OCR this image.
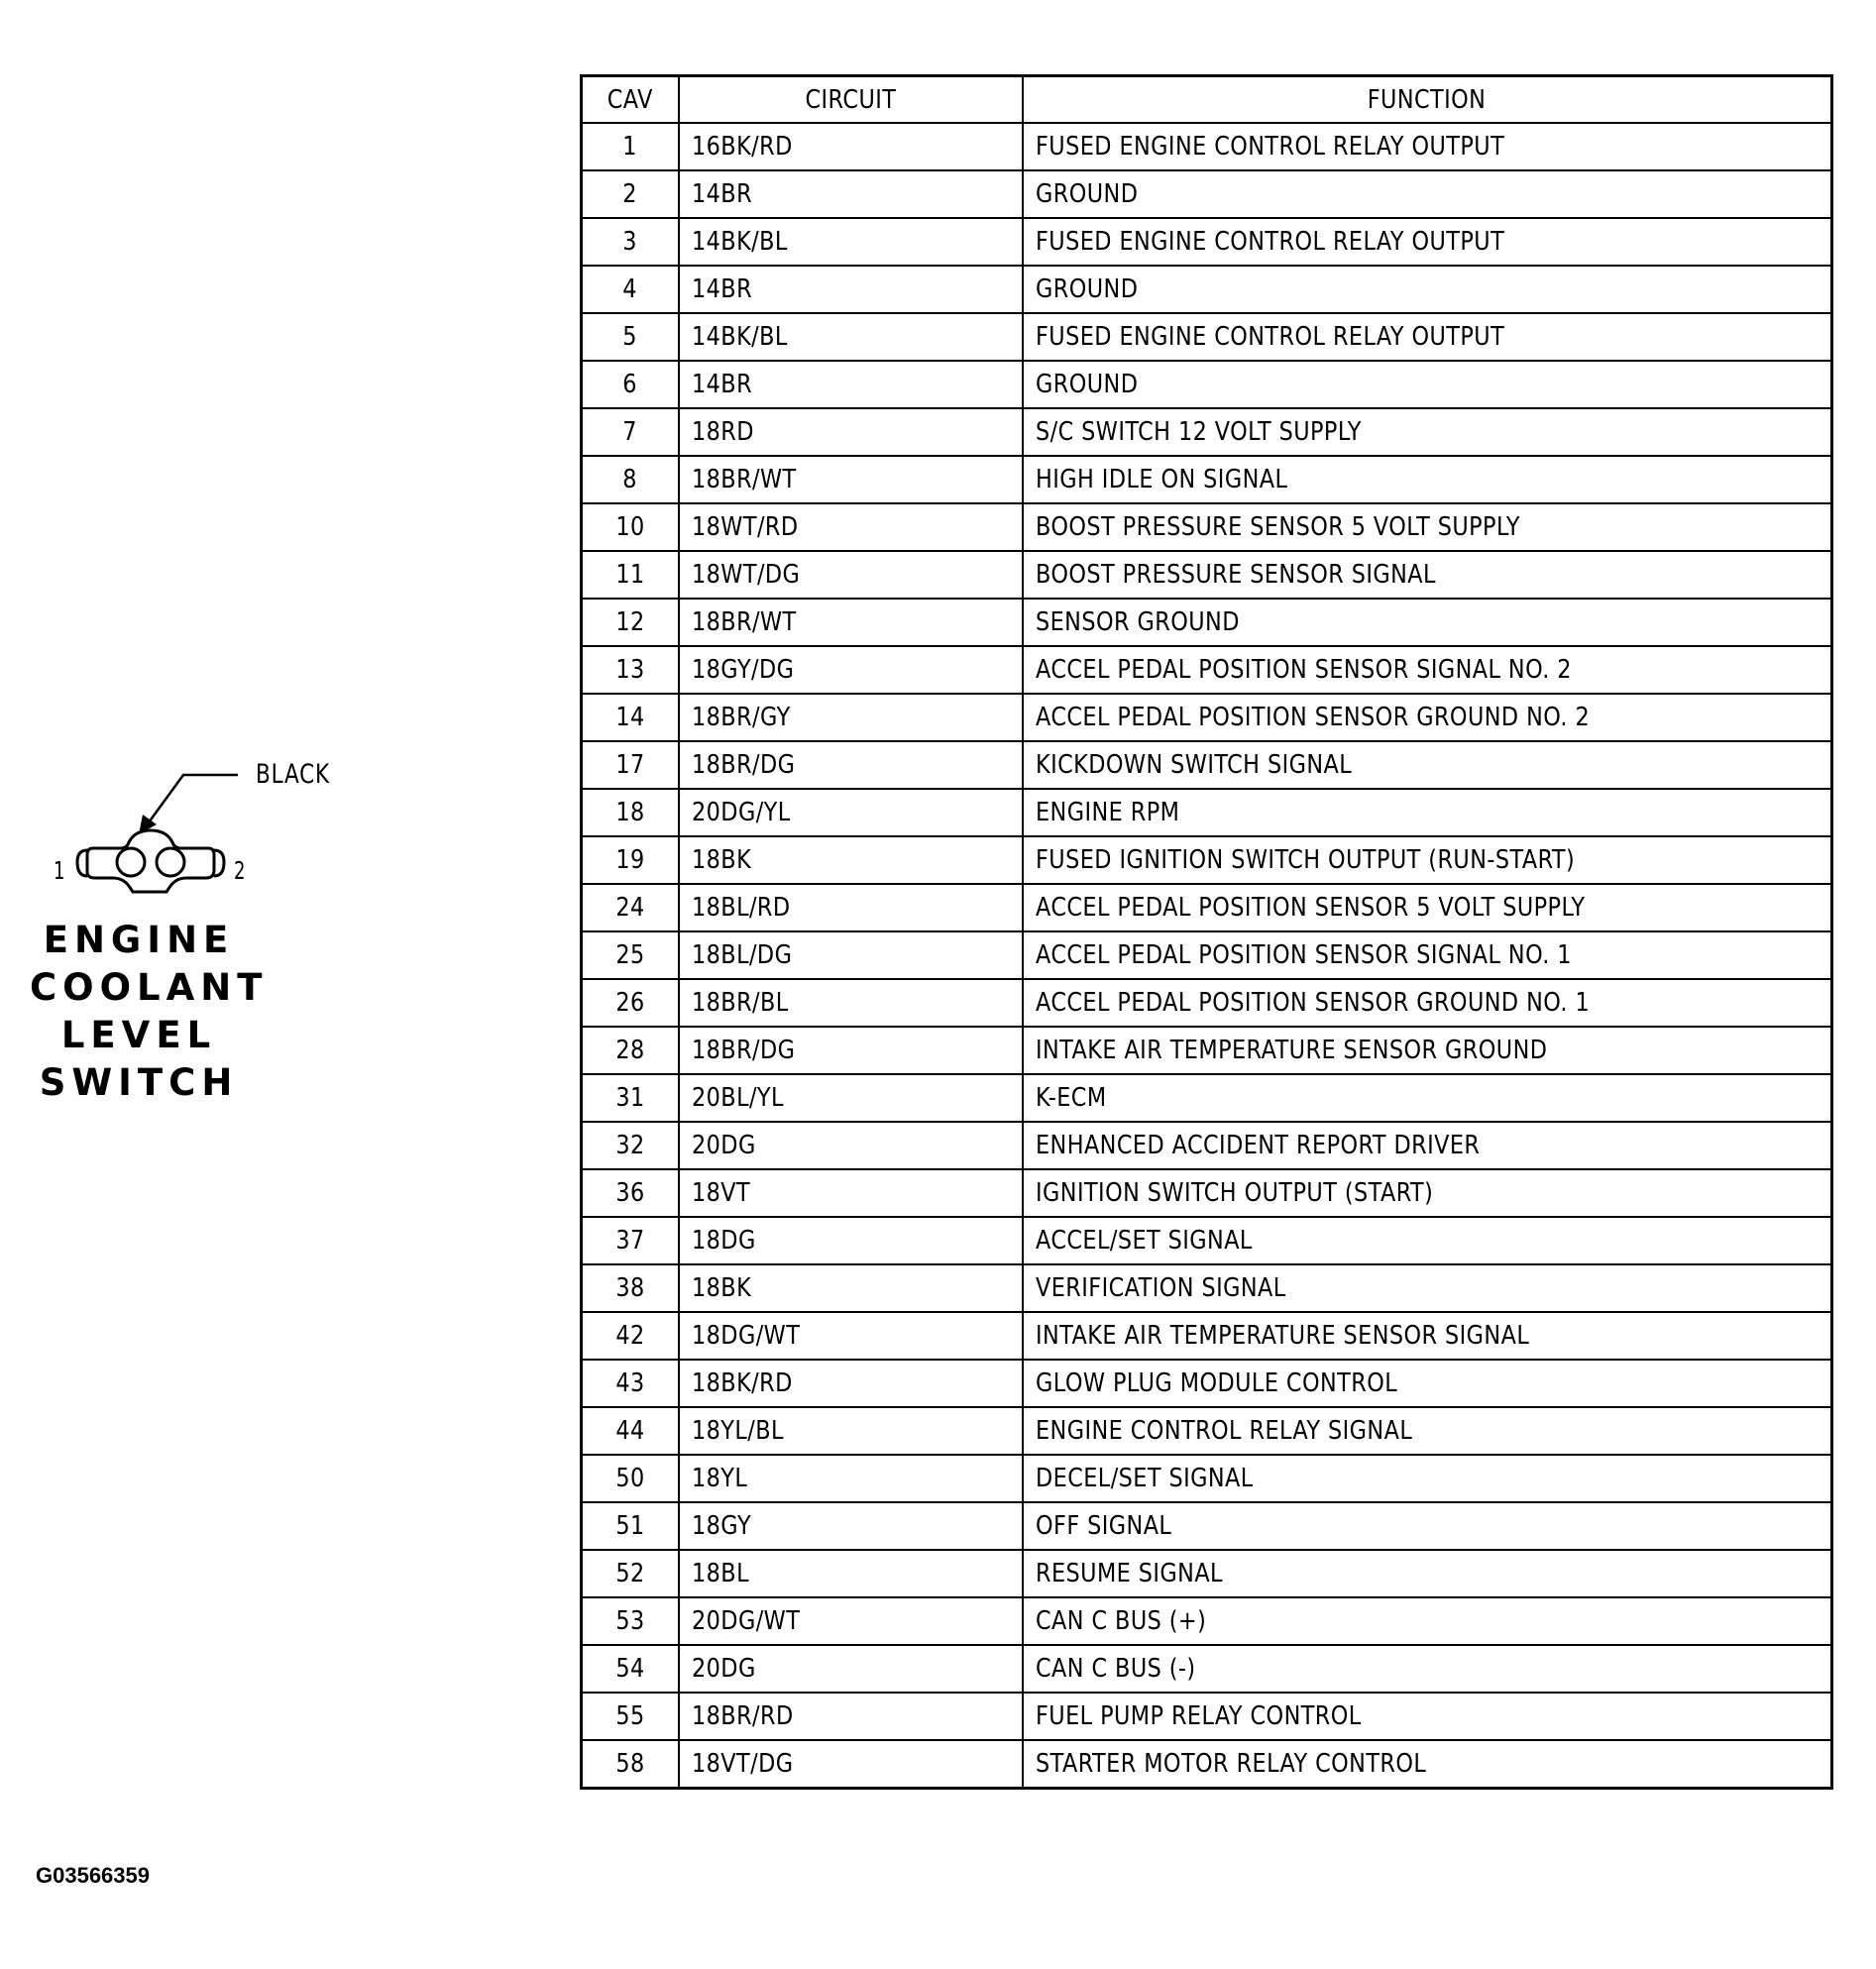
BLACK
1	2
ENGINE
COOLANT
LEVEL
SWITCH
CAV	CIRCUIT	FUNCTION
1	16BK/RD	FUSED ENGINE CONTROL RELAY OUTPUT
2	14BR	GROUND
3	14BK/BL	FUSED ENGINE CONTROL RELAY OUTPUT
4	14BR	GROUND
5	14BK/BL	FUSED ENGINE CONTROL RELAY OUTPUT
6	14BR	GROUND
7	18RD	S/C SWITCH 12 VOLT SUPPLY
8	18BR/WT	HIGH IDLE ON SIGNAL
10	18WT/RD	BOOST PRESSURE SENSOR 5 VOLT SUPPLY
11	18WT/DG	BOOST PRESSURE SENSOR SIGNAL
12	18BR/WT	SENSOR GROUND
13	18GY/DG	ACCEL PEDAL POSITION SENSOR SIGNAL NO. 2
14	18BR/GY	ACCEL PEDAL POSITION SENSOR GROUND NO. 2
17	18BR/DG	KICKDOWN SWITCH SIGNAL
18	20DG/YL	ENGINE RPM
19	18BK	FUSED IGNITION SWITCH OUTPUT (RUN-START)
24	18BL/RD	ACCEL PEDAL POSITION SENSOR 5 VOLT SUPPLY
25	18BL/DG	ACCEL PEDAL POSITION SENSOR SIGNAL NO. 1
26	18BR/BL	ACCEL PEDAL POSITION SENSOR GROUND NO. 1
28	18BR/DG	INTAKE AIR TEMPERATURE SENSOR GROUND
31	20BL/YL	K-ECM
32	20DG	ENHANCED ACCIDENT REPORT DRIVER
36	18VT	IGNITION SWITCH OUTPUT (START)
37	18DG	ACCEL/SET SIGNAL
38	18BK	VERIFICATION SIGNAL
42	18DG/WT	INTAKE AIR TEMPERATURE SENSOR SIGNAL
43	18BK/RD	GLOW PLUG MODULE CONTROL
44	18YL/BL	ENGINE CONTROL RELAY SIGNAL
50	18YL	DECEL/SET SIGNAL
51	18GY	OFF SIGNAL
52	18BL	RESUME SIGNAL
53	20DG/WT	CAN C BUS (+)
54	20DG	CAN C BUS (-)
55	18BR/RD	FUEL PUMP RELAY CONTROL
58	18VT/DG	STARTER MOTOR RELAY CONTROL
G03566359
